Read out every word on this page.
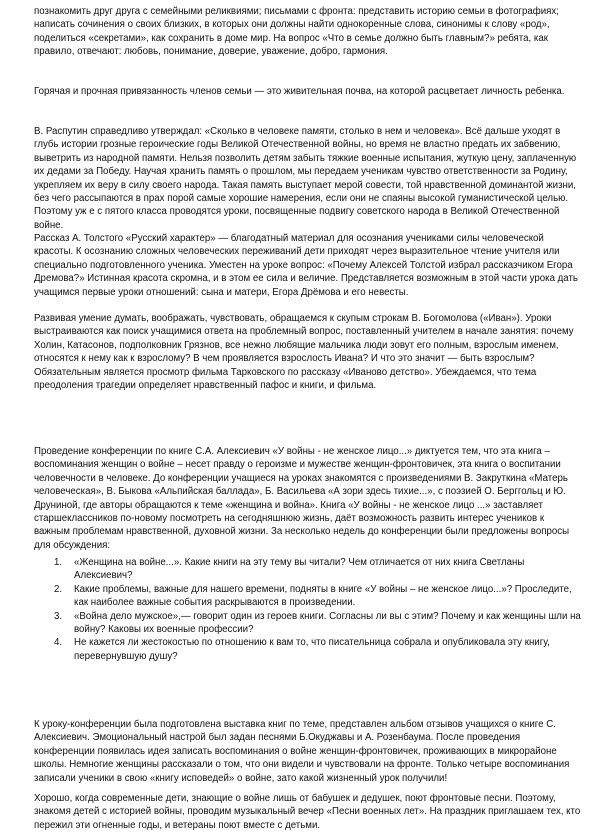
познакомить друг друга с семейными реликвиями; письмами с фронта: представить историю семьи в фотографиях; написать сочинения о своих близких, в которых они должны найти однокоренные слова, синонимы к слову «род», поделиться «секретами», как сохранить в доме мир. На вопрос «Что в семье должно быть главным?» ребята, как правило, отвечают: любовь, понимание, доверие, уважение, добро, гармония.

Горячая и прочная привязанность членов семьи — это живительная почва, на которой расцветает личность ребенка.

В. Распутин справедливо утверждал: «Сколько в человеке памяти, столько в нем и человека». Всё дальше уходят в глубь истории грозные героические годы Великой Отечественной войны, но время не властно предать их забвению, выветрить из народной памяти. Нельзя позволить детям забыть тяжкие военные испытания, жуткую цену, заплаченную их дедами за Победу. Научая хранить память о прошлом, мы передаем ученикам чувство ответственности за Родину, укрепляем их веру в силу своего народа. Такая память выступает мерой совести, той нравственной доминантой жизни, без чего рассыпаются в прах порой самые хорошие намерения, если они не спаяны высокой гуманистической целью. Поэтому уж е с пятого класса проводятся уроки, посвященные подвигу советского народа в Великой Отечественной войне.

Рассказ А. Толстого «Русский характер» — благодатный материал для осознания учениками силы человеческой красоты. К осознанию сложных человеческих переживаний дети приходят через выразительное чтение учителя или специально подготовленного ученика. Уместен на уроке вопрос: «Почему Алексей Толстой избрал рассказчиком Егора Дремова?» Истинная красота скромна, и в этом ее сила и величие. Представляется возможным в этой части урока дать учащимся первые уроки отношений: сына и матери, Егора Дрёмова и его невесты.

Развивая умение думать, воображать, чувствовать, обращаемся к скупым строкам В. Богомолова («Иван»). Уроки выстраиваются как поиск учащимися ответа на проблемный вопрос, поставленный учителем в начале занятия: почему Холин, Катасонов, подполковник Грязнов, все нежно любящие мальчика люди зовут его полным, взрослым именем, относятся к нему как к взрослому? В чем проявляется взрослость Ивана? И что это значит — быть взрослым? Обязательным является просмотр фильма Тарковского по рассказу «Иваново детство». Убеждаемся, что тема преодоления трагедии определяет нравственный пафос и книги, и фильма.

Проведение конференции по книге С.А. Алексиевич «У войны - не женское лицо...» диктуется тем, что эта книга – воспоминания женщин о войне – несет правду о героизме и мужестве женщин-фронтовичек, эта книга о воспитании человечности в человеке. До конференции учащиеся на уроках знакомятся с произведениями В. Закруткина «Матерь человеческая», В. Быкова «Альпийская баллада», Б. Васильева «А зори здесь тихие...», с поэзией О. Берггольц и Ю. Друниной, где авторы обращаются к теме «женщина и война». Книга «У войны - не женское лицо ...» заставляет старшеклассников по-новому посмотреть на сегодняшнюю жизнь, даёт возможность развить интерес учеников к важным проблемам нравственной, духовной жизни. За несколько недель до конференции были предложены вопросы для обсуждения:

1. «Женщина на войне...». Какие книги на эту тему вы читали? Чем отличается от них книга Светланы Алексиевич?
2. Какие проблемы, важные для нашего времени, подняты в книге «У войны – не женское лицо...»? Проследите, как наиболее важные события раскрываются в произведении.
3. «Война дело мужское»,— говорит один из героев книги. Согласны ли вы с этим? Почему и как женщины шли на войну? Каковы их военные профессии?
4. Не кажется ли жестокостью по отношению к вам то, что писательница собрала и опубликовала эту книгу, перевернувшую душу?

К уроку-конференции была подготовлена выставка книг по теме, представлен альбом отзывов учащихся о книге С. Алексиевич. Эмоциональный настрой был задан песнями Б.Окуджавы и А. Розенбаума. После проведения конференции появилась идея записать воспоминания о войне женщин-фронтовичек, проживающих в микрорайоне школы. Немногие женщины рассказали о том, что они видели и чувствовали на фронте. Только четыре воспоминания записали ученики в свою «книгу исповедей» о войне, зато какой жизненный урок получили!

Хорошо, когда современные дети, знающие о войне лишь от бабушек и дедушек, поют фронтовые песни. Поэтому, знакомя детей с историей войны, проводим музыкальный вечер «Песни военных лет». На праздник приглашаем тех, кто пережил эти огненные годы, и ветераны поют вместе с детьми.
